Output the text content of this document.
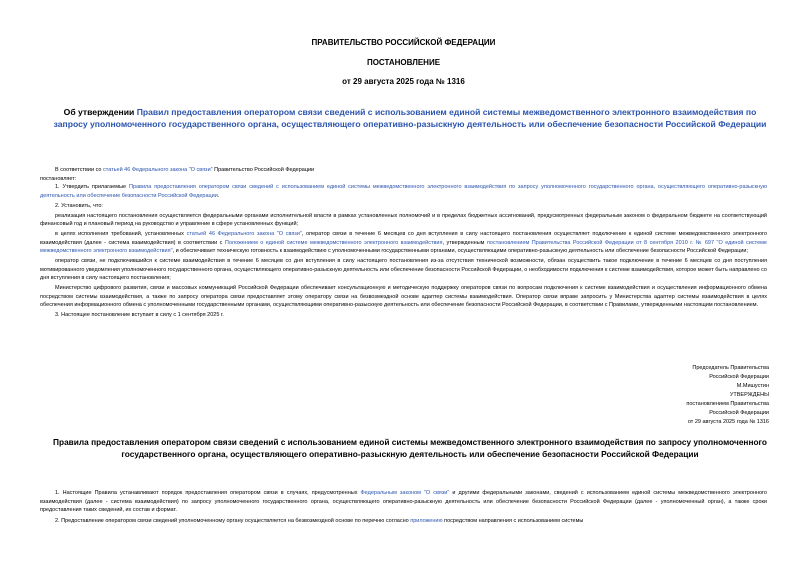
ПРАВИТЕЛЬСТВО РОССИЙСКОЙ ФЕДЕРАЦИИ
ПОСТАНОВЛЕНИЕ
от 29 августа 2025 года № 1316
Об утверждении Правил предоставления оператором связи сведений с использованием единой системы межведомственного электронного взаимодействия по запросу уполномоченного государственного органа, осуществляющего оперативно-разыскную деятельность или обеспечение безопасности Российской Федерации

В соответствии со статьей 46 Федерального закона "О связи" Правительство Российской Федерации

постановляет:

1. Утвердить прилагаемые Правила предоставления оператором связи сведений с использованием единой системы межведомственного электронного взаимодействия по запросу уполномоченного государственного органа, осуществляющего оперативно-разыскную деятельность или обеспечение безопасности Российской Федерации.

2. Установить, что:

реализация настоящего постановления осуществляется федеральными органами исполнительной власти в рамках установленных полномочий и в пределах бюджетных ассигнований, предусмотренных федеральным законом о федеральном бюджете на соответствующий финансовый год и плановый период на руководство и управление в сфере установленных функций;

в целях исполнения требований, установленных статьей 46 Федерального закона "О связи", оператор связи в течение 6 месяцев со дня вступления в силу настоящего постановления осуществляет подключение к единой системе межведомственного электронного взаимодействия (далее - система взаимодействия) в соответствии с Положением о единой системе межведомственного электронного взаимодействия, утвержденным постановлением Правительства Российской Федерации от 8 сентября 2010 г. № 697 "О единой системе межведомственного электронного взаимодействия", и обеспечивает техническую готовность к взаимодействию с уполномоченными государственными органами, осуществляющими оперативно-разыскную деятельность или обеспечение безопасности Российской Федерации;

оператор связи, не подключившийся к системе взаимодействия в течение 6 месяцев со дня вступления в силу настоящего постановления из-за отсутствия технической возможности, обязан осуществить такое подключение в течение 6 месяцев со дня поступления мотивированного уведомления уполномоченного государственного органа, осуществляющего оперативно-разыскную деятельность или обеспечение безопасности Российской Федерации, о необходимости подключения к системе взаимодействия, которое может быть направлено со дня вступления в силу настоящего постановления;

Министерство цифрового развития, связи и массовых коммуникаций Российской Федерации обеспечивает консультационную и методическую поддержку операторов связи по вопросам подключения к системе взаимодействия и осуществления информационного обмена посредством системы взаимодействия, а также по запросу оператора связи предоставляет этому оператору связи на безвозмездной основе адаптер системы взаимодействия. Оператор связи вправе запросить у Министерства адаптер системы взаимодействия в целях обеспечения информационного обмена с уполномоченными государственными органами, осуществляющими оперативно-разыскную деятельность или обеспечение безопасности Российской Федерации, в соответствии с Правилами, утвержденными настоящим постановлением.

3. Настоящее постановление вступает в силу с 1 сентября 2025 г.

Председатель Правительства
Российской Федерации
М.Мишустин
УТВЕРЖДЕНЫ
постановлением Правительства
Российской Федерации
от 29 августа 2025 года № 1316
Правила предоставления оператором связи сведений с использованием единой системы межведомственного электронного взаимодействия по запросу уполномоченного государственного органа, осуществляющего оперативно-разыскную деятельность или обеспечение безопасности Российской Федерации

1. Настоящие Правила устанавливают порядок предоставления оператором связи в случаях, предусмотренных Федеральным законом "О связи" и другими федеральными законами, сведений с использованием единой системы межведомственного электронного взаимодействия (далее - система взаимодействия) по запросу уполномоченного государственного органа, осуществляющего оперативно-разыскную деятельность или обеспечение безопасности Российской Федерации (далее - уполномоченный орган), а также сроки предоставления таких сведений, их состав и формат.

2. Предоставление оператором связи сведений уполномоченному органу осуществляется на безвозмездной основе по перечню согласно приложению посредством направления с использованием системы
